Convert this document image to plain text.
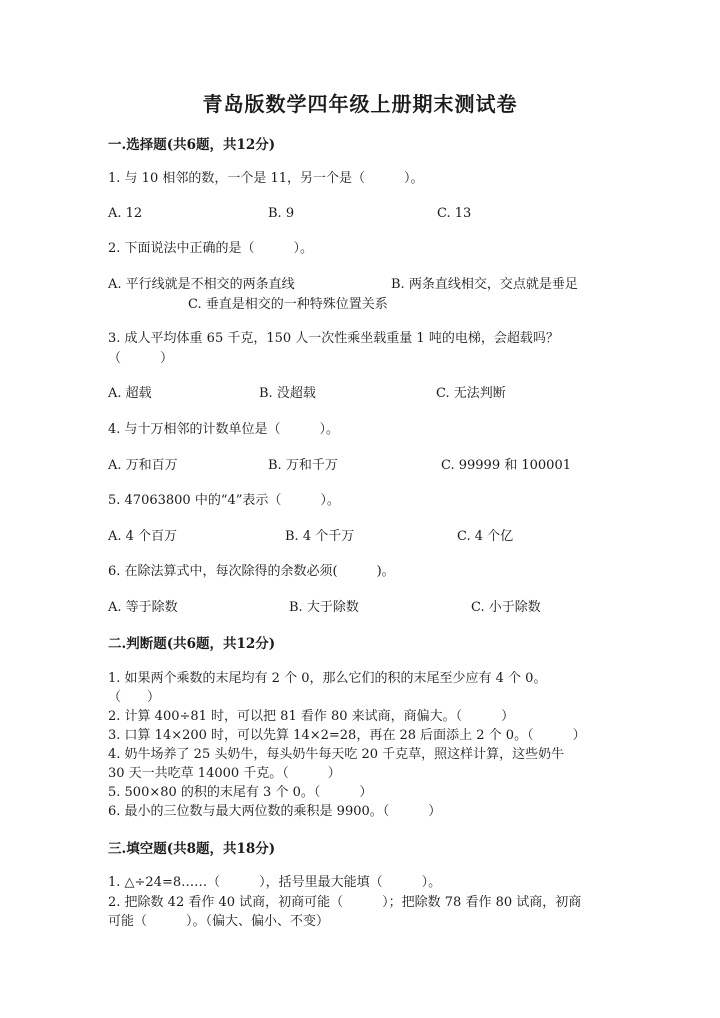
青岛版数学四年级上册期末测试卷
一.选择题(共6题，共12分)
1. 与 10 相邻的数，一个是 11，另一个是（　　　）。
A. 12	B. 9	C. 13
2. 下面说法中正确的是（　　　）。
A. 平行线就是不相交的两条直线	B. 两条直线相交，交点就是垂足
C. 垂直是相交的一种特殊位置关系
3. 成人平均体重 65 千克，150 人一次性乘坐载重量 1 吨的电梯，会超载吗？
（　　　）
A. 超载	B. 没超载	C. 无法判断
4. 与十万相邻的计数单位是（　　　）。
A. 万和百万	B. 万和千万	C. 99999 和 100001
5. 47063800 中的“4”表示（　　　）。
A. 4 个百万	B. 4 个千万	C. 4 个亿
6. 在除法算式中，每次除得的余数必须(　　　)。
A. 等于除数	B. 大于除数	C. 小于除数
二.判断题(共6题，共12分)
1. 如果两个乘数的末尾均有 2 个 0，那么它们的积的末尾至少应有 4 个 0。
（　　）
2. 计算 400÷81 时，可以把 81 看作 80 来试商，商偏大。（　　　）
3. 口算 14×200 时，可以先算 14×2=28，再在 28 后面添上 2 个 0。（　　　）
4. 奶牛场养了 25 头奶牛，每头奶牛每天吃 20 千克草，照这样计算，这些奶牛
30 天一共吃草 14000 千克。（　　　）
5. 500×80 的积的末尾有 3 个 0。（　　　）
6. 最小的三位数与最大两位数的乘积是 9900。（　　　）
三.填空题(共8题，共18分)
1. △÷24=8……（　　　），括号里最大能填（　　　）。
2. 把除数 42 看作 40 试商，初商可能（　　　）；把除数 78 看作 80 试商，初商
可能（　　　）。（偏大、偏小、不变）
